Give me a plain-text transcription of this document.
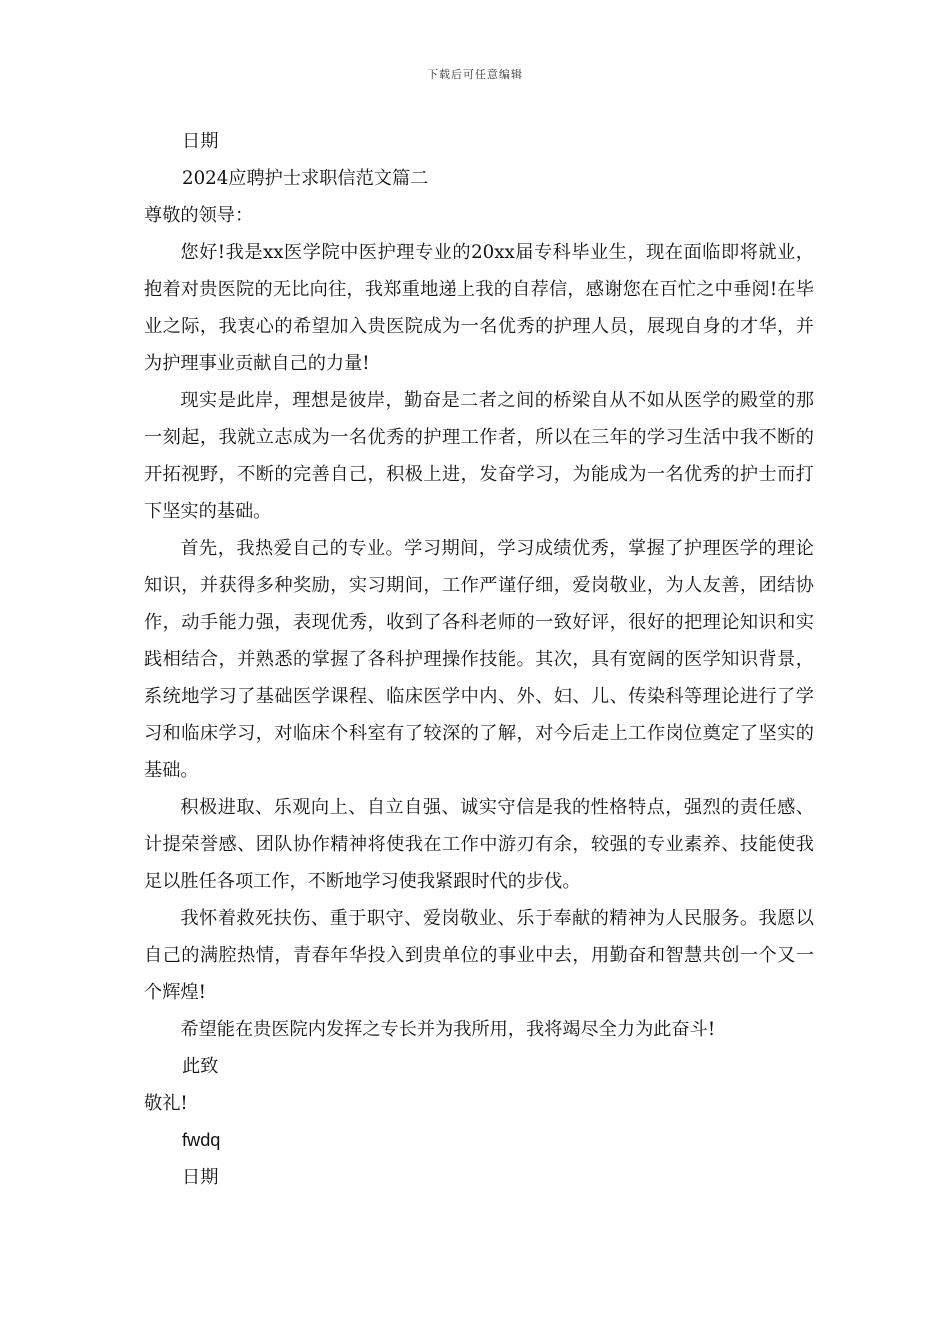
下载后可任意编辑
日期
2024应聘护士求职信范文篇二
尊敬的领导：
您好!我是xx医学院中医护理专业的20xx届专科毕业生，现在面临即将就业，抱着对贵医院的无比向往，我郑重地递上我的自荐信，感谢您在百忙之中垂阅!在毕业之际，我衷心的希望加入贵医院成为一名优秀的护理人员，展现自身的才华，并为护理事业贡献自己的力量!
现实是此岸，理想是彼岸，勤奋是二者之间的桥梁自从不如从医学的殿堂的那一刻起，我就立志成为一名优秀的护理工作者，所以在三年的学习生活中我不断的开拓视野，不断的完善自己，积极上进，发奋学习，为能成为一名优秀的护士而打下坚实的基础。
首先，我热爱自己的专业。学习期间，学习成绩优秀，掌握了护理医学的理论知识，并获得多种奖励，实习期间，工作严谨仔细，爱岗敬业，为人友善，团结协作，动手能力强，表现优秀，收到了各科老师的一致好评，很好的把理论知识和实践相结合，并熟悉的掌握了各科护理操作技能。其次，具有宽阔的医学知识背景，系统地学习了基础医学课程、临床医学中内、外、妇、儿、传染科等理论进行了学习和临床学习，对临床个科室有了较深的了解，对今后走上工作岗位奠定了坚实的基础。
积极进取、乐观向上、自立自强、诚实守信是我的性格特点，强烈的责任感、计提荣誉感、团队协作精神将使我在工作中游刃有余，较强的专业素养、技能使我足以胜任各项工作，不断地学习使我紧跟时代的步伐。
我怀着救死扶伤、重于职守、爱岗敬业、乐于奉献的精神为人民服务。我愿以自己的满腔热情，青春年华投入到贵单位的事业中去，用勤奋和智慧共创一个又一个辉煌!
希望能在贵医院内发挥之专长并为我所用，我将竭尽全力为此奋斗!
此致
敬礼!
fwdq
日期
